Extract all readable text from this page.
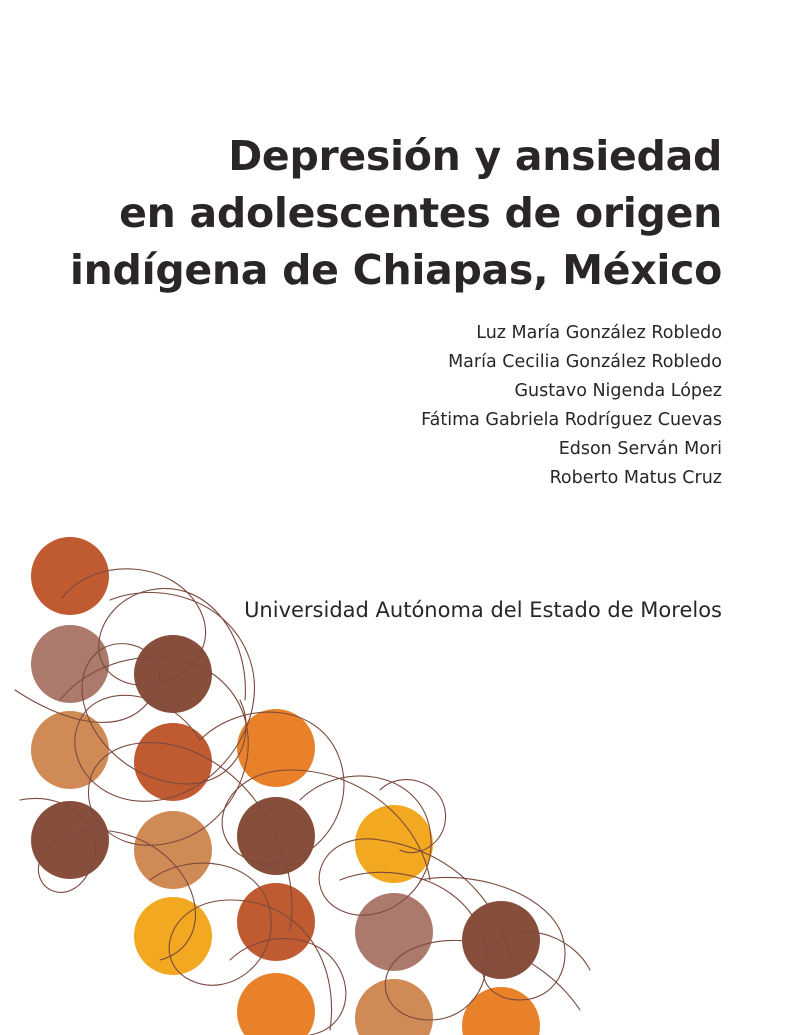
Depresión y ansiedad
en adolescentes de origen
indígena de Chiapas, México
Luz María González Robledo
María Cecilia González Robledo
Gustavo Nigenda López
Fátima Gabriela Rodríguez Cuevas
Edson Serván Mori
Roberto Matus Cruz

Universidad Autónoma del Estado de Morelos
